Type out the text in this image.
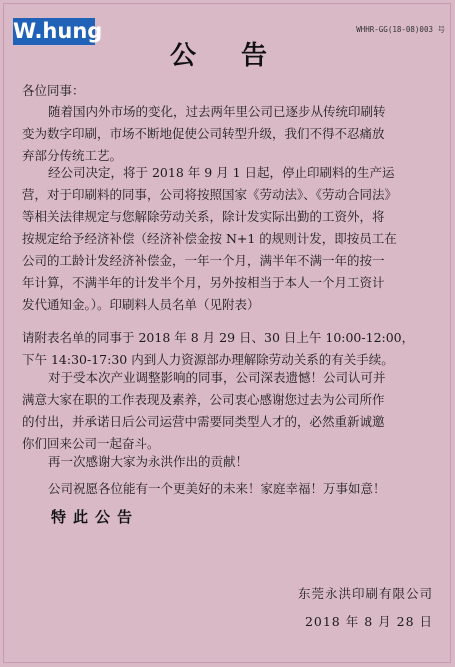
W.hung	WHHR-GG(18-08)003 号
公 告
各位同事：
随着国内外市场的变化，过去两年里公司已逐步从传统印刷转
变为数字印刷，市场不断地促使公司转型升级，我们不得不忍痛放
弃部分传统工艺。
经公司决定，将于 2018 年 9 月 1 日起，停止印刷料的生产运
营，对于印刷料的同事，公司将按照国家《劳动法》、《劳动合同法》
等相关法律规定与您解除劳动关系，除计发实际出勤的工资外，将
按规定给予经济补偿（经济补偿金按 N+1 的规则计发，即按员工在
公司的工龄计发经济补偿金，一年一个月，满半年不满一年的按一
年计算，不满半年的计发半个月，另外按相当于本人一个月工资计
发代通知金。）。印刷料人员名单（见附表）
请附表名单的同事于 2018 年 8 月 29 日、30 日上午 10:00-12:00，
下午 14:30-17:30 内到人力资源部办理解除劳动关系的有关手续。
对于受本次产业调整影响的同事，公司深表遗憾！公司认可并
满意大家在职的工作表现及素养，公司衷心感谢您过去为公司所作
的付出，并承诺日后公司运营中需要同类型人才的，必然重新诚邀
你们回来公司一起奋斗。
再一次感谢大家为永洪作出的贡献！
公司祝愿各位能有一个更美好的未来！家庭幸福！万事如意！
特此公告
东莞永洪印刷有限公司
2018 年 8 月 28 日
